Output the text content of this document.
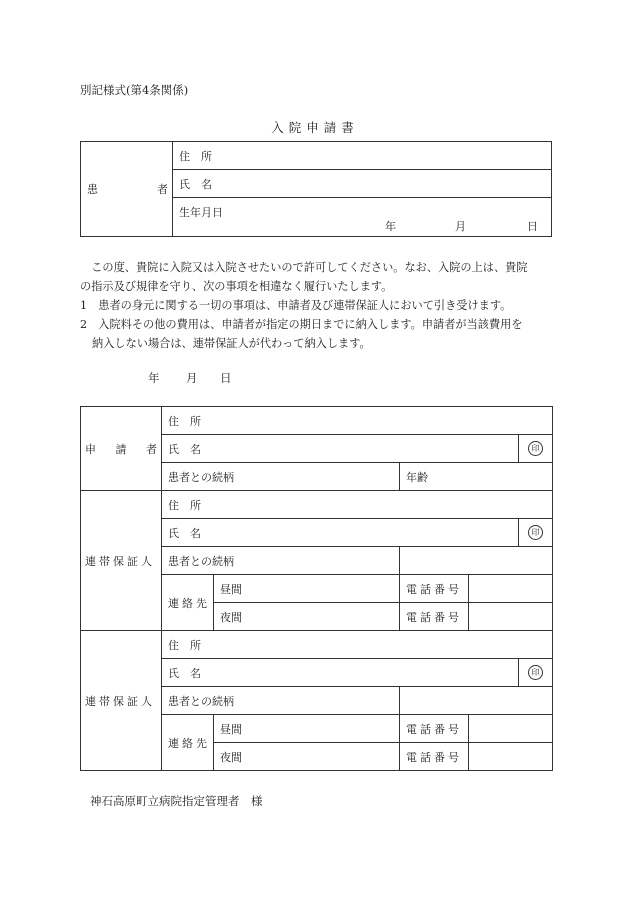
別記様式(第4条関係)
入院申請書
患	者
	住　所
氏　名

生年月日
年	月	日
この度、貴院に入院又は入院させたいので許可してください。なお、入院の上は、貴院
の指示及び規律を守り、次の事項を相違なく履行いたします。
1　患者の身元に関する一切の事項は、申請者及び連帯保証人において引き受けます。
2　入院料その他の費用は、申請者が指定の期日までに納入します。申請者が当該費用を
納入しない場合は、連帯保証人が代わって納入します。
年 月 日
申 請 者	住　所				
	氏　名				印
	患者との続柄		年齢		
連帯保証人	住　所				
	氏　名				印
	患者との続柄				

	連 絡 先	昼間	電話番号		
		夜間	電話番号		
連帯保証人	住　所				
	氏　名				印
	患者との続柄				

	連 絡 先	昼間	電話番号		
		夜間	電話番号		
神石高原町立病院指定管理者　様
